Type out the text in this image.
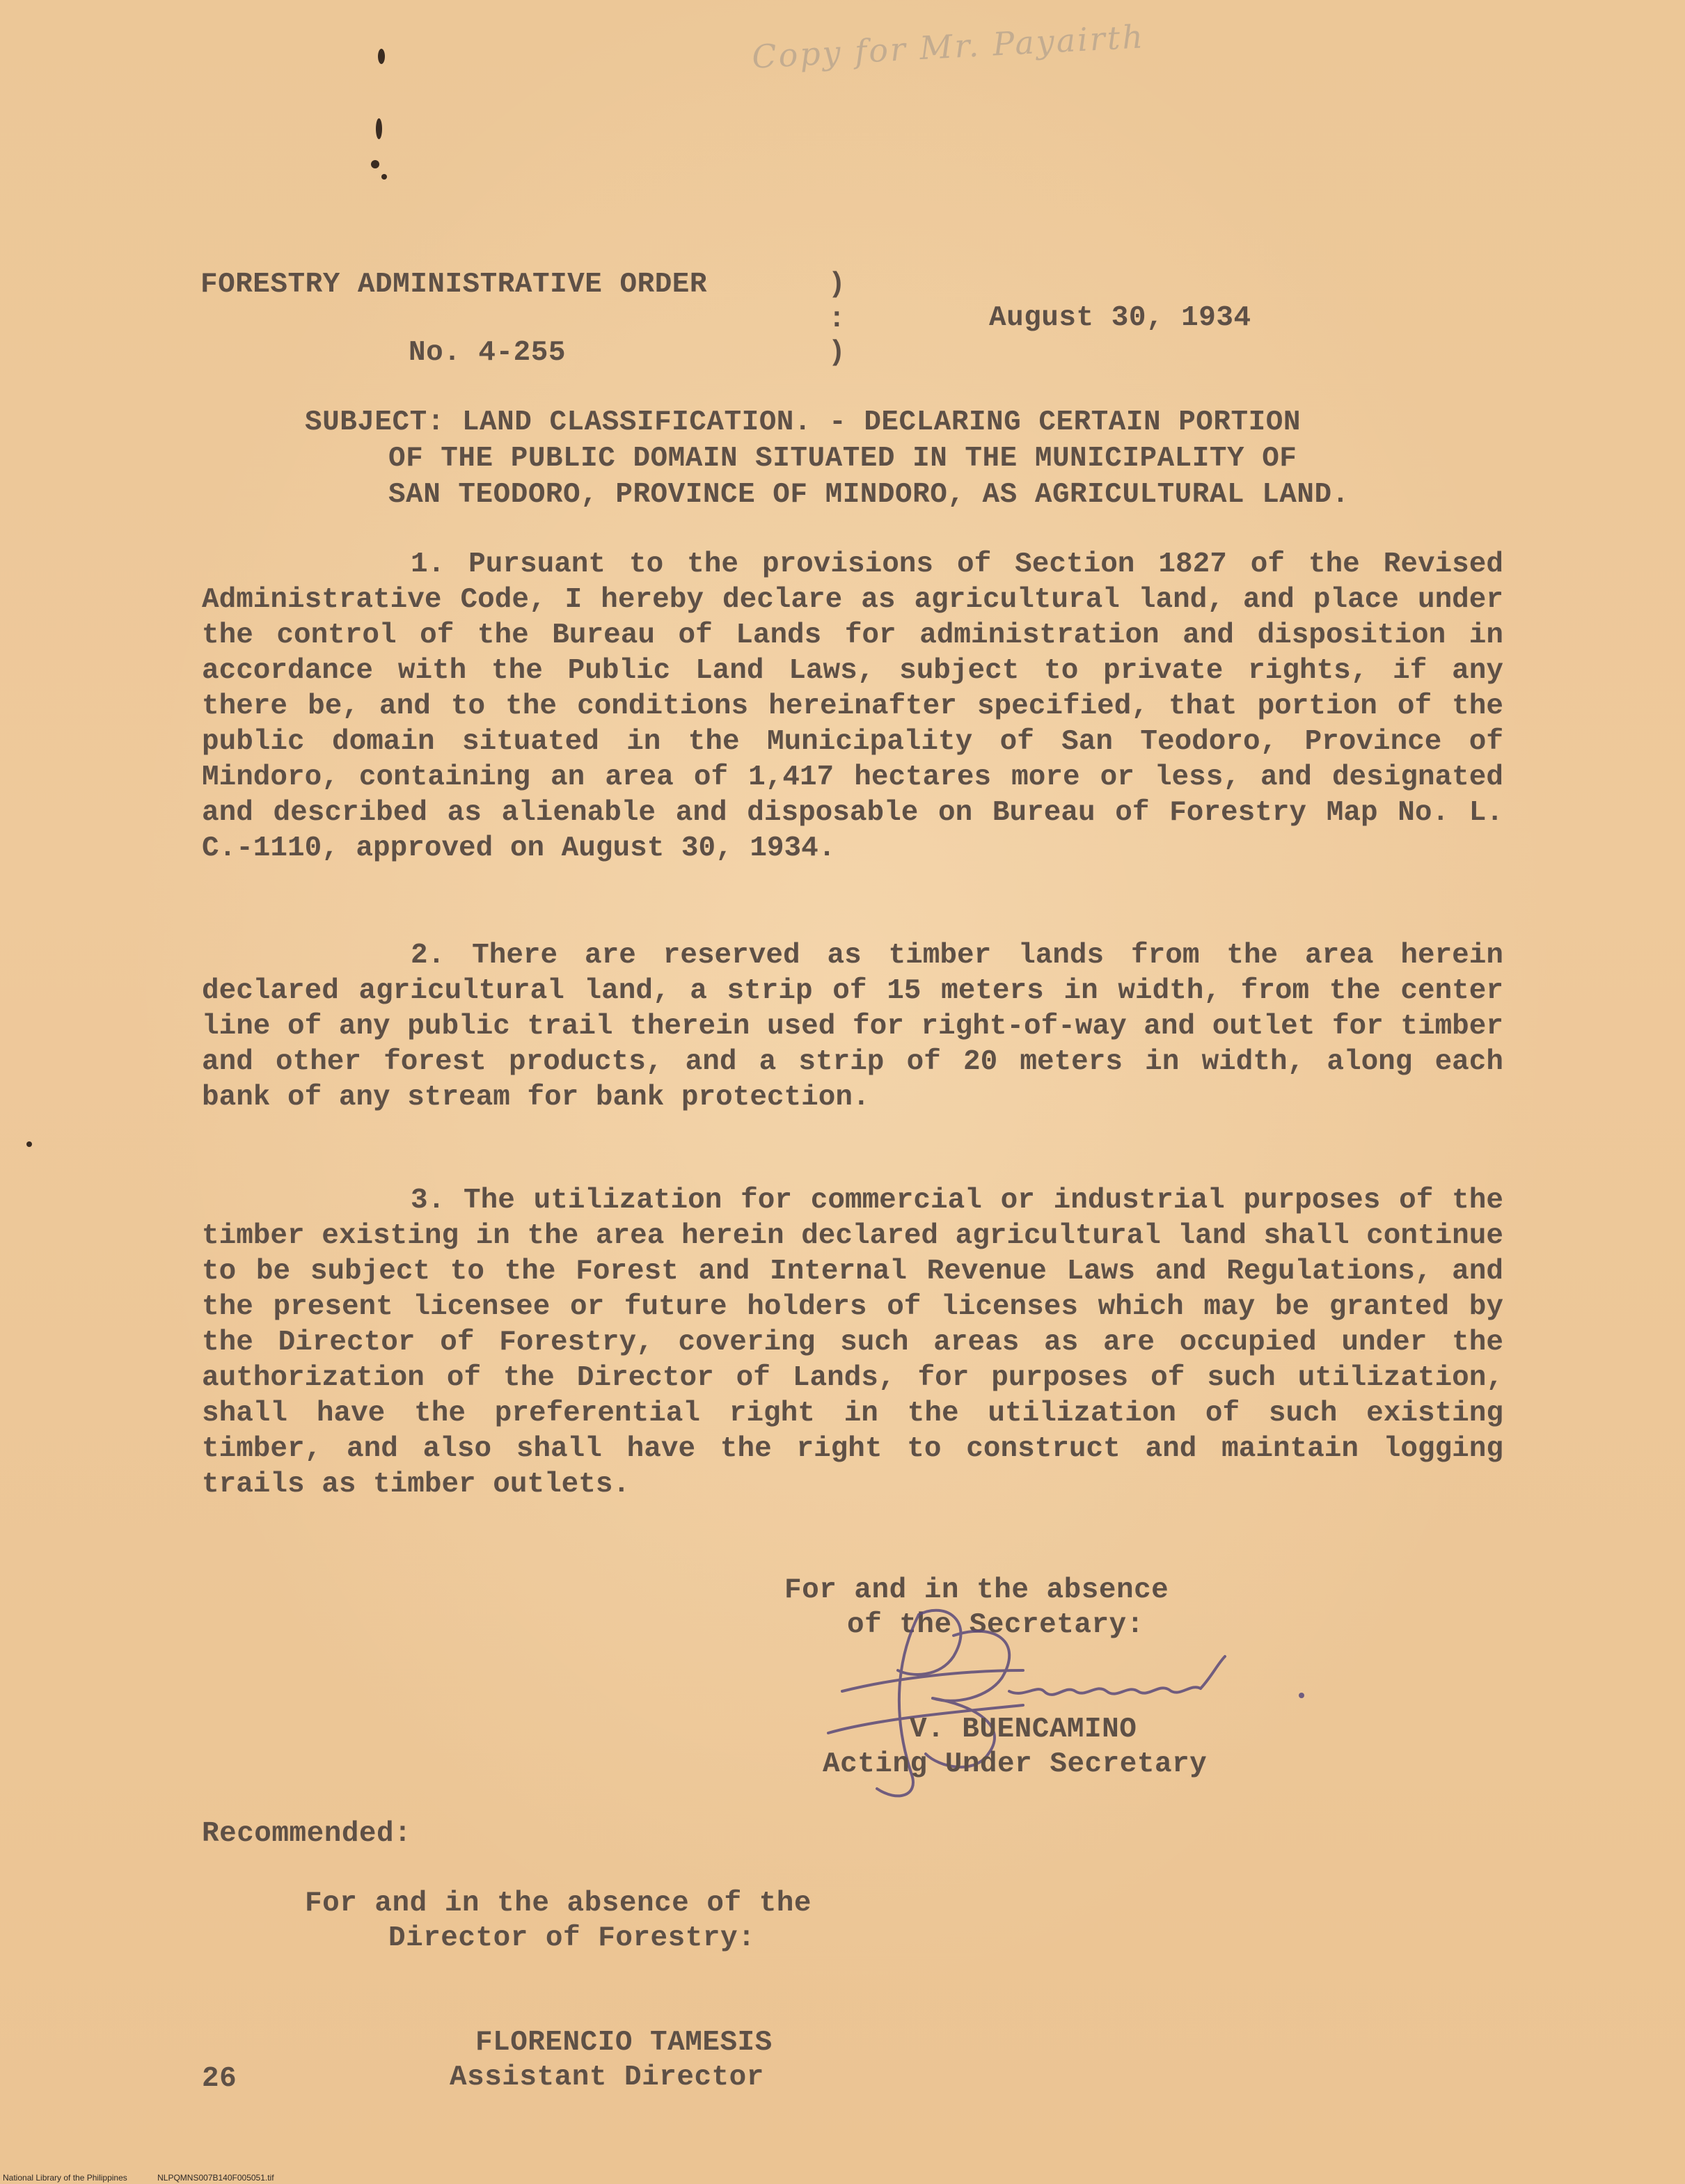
Copy for Mr. Payairth
FORESTRY ADMINISTRATIVE ORDER
No. 4-255
)
:
)
August 30, 1934
SUBJECT: LAND CLASSIFICATION. - DECLARING CERTAIN PORTION
OF THE PUBLIC DOMAIN SITUATED IN THE MUNICIPALITY OF
SAN TEODORO, PROVINCE OF MINDORO, AS AGRICULTURAL LAND.
1. Pursuant to the provisions of Section 1827 of the Revised Administrative Code, I hereby declare as agricultural land, and place under the control of the Bureau of Lands for administration and disposition in accordance with the Public Land Laws, subject to private rights, if any there be, and to the conditions hereinafter specified, that portion of the public domain situated in the Municipality of San Teodoro, Province of Mindoro, containing an area of 1,417 hectares more or less, and designated and described as alienable and disposable on Bureau of Forestry Map No. L. C.-1110, approved on August 30, 1934.
2. There are reserved as timber lands from the area herein declared agricultural land, a strip of 15 meters in width, from the center line of any public trail therein used for right-of-way and outlet for timber and other forest products, and a strip of 20 meters in width, along each bank of any stream for bank protection.
3. The utilization for commercial or industrial purposes of the timber existing in the area herein declared agricultural land shall continue to be subject to the Forest and Internal Revenue Laws and Regulations, and the present licensee or future holders of licenses which may be granted by the Director of Forestry, covering such areas as are occupied under the authorization of the Director of Lands, for purposes of such utilization, shall have the preferential right in the utilization of such existing timber, and also shall have the right to construct and maintain logging trails as timber outlets.
For and in the absence
of the Secretary:
V. BUENCAMINO
Acting Under Secretary
Recommended:
For and in the absence of the
Director of Forestry:
FLORENCIO TAMESIS
26	Assistant Director
National Library of the Philippines	NLPQMNS007B140F005051.tif
